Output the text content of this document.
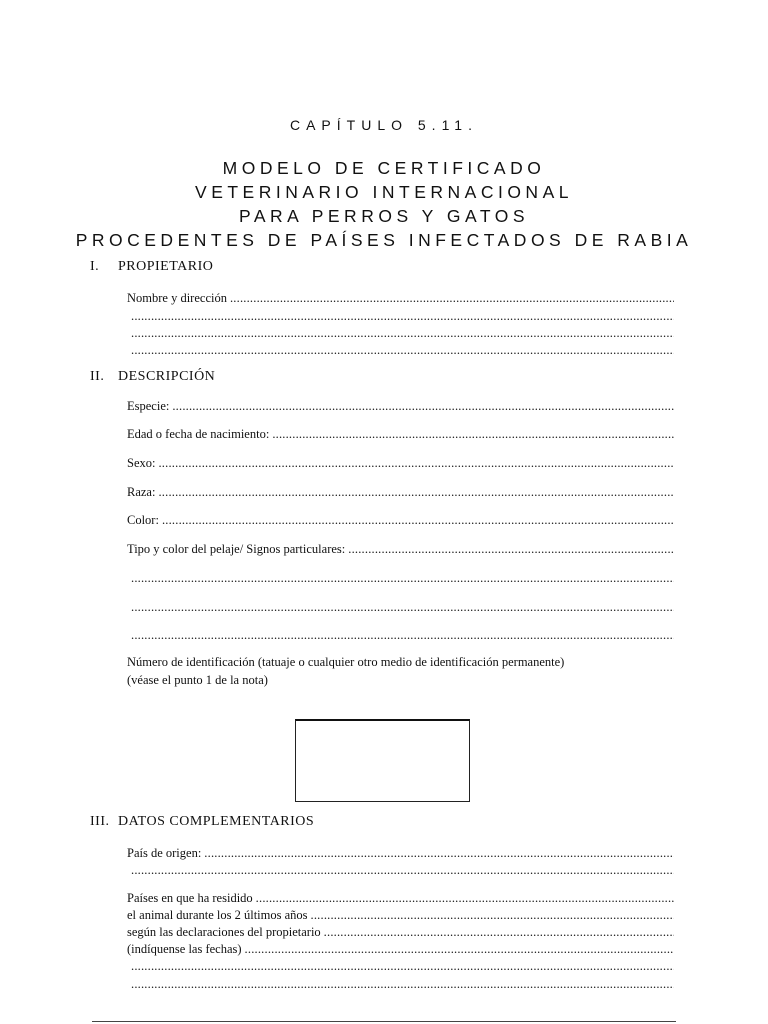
CAPÍTULO 5.11.
MODELO DE CERTIFICADO
VETERINARIO INTERNACIONAL
PARA PERROS Y GATOS
PROCEDENTES DE PAÍSES INFECTADOS DE RABIA
I. PROPIETARIO
Nombre y dirección
.....
.....
.....
.....
II. DESCRIPCIÓN
Especie:
.....
Edad o fecha de nacimiento:
.....
Sexo:
.....
Raza:
.....
Color:
.....
Tipo y color del pelaje/ Signos particulares:
.....
.....
.....
.....
Número de identificación (tatuaje o cualquier otro medio de identificación permanente)
(véase el punto 1 de la nota)
III. DATOS COMPLEMENTARIOS
País de origen:
.....
.....
Países en que ha residido
.....
el animal durante los 2 últimos años
.....
según las declaraciones del propietario
.....
(indíquense las fechas)
.....
.....
.....
